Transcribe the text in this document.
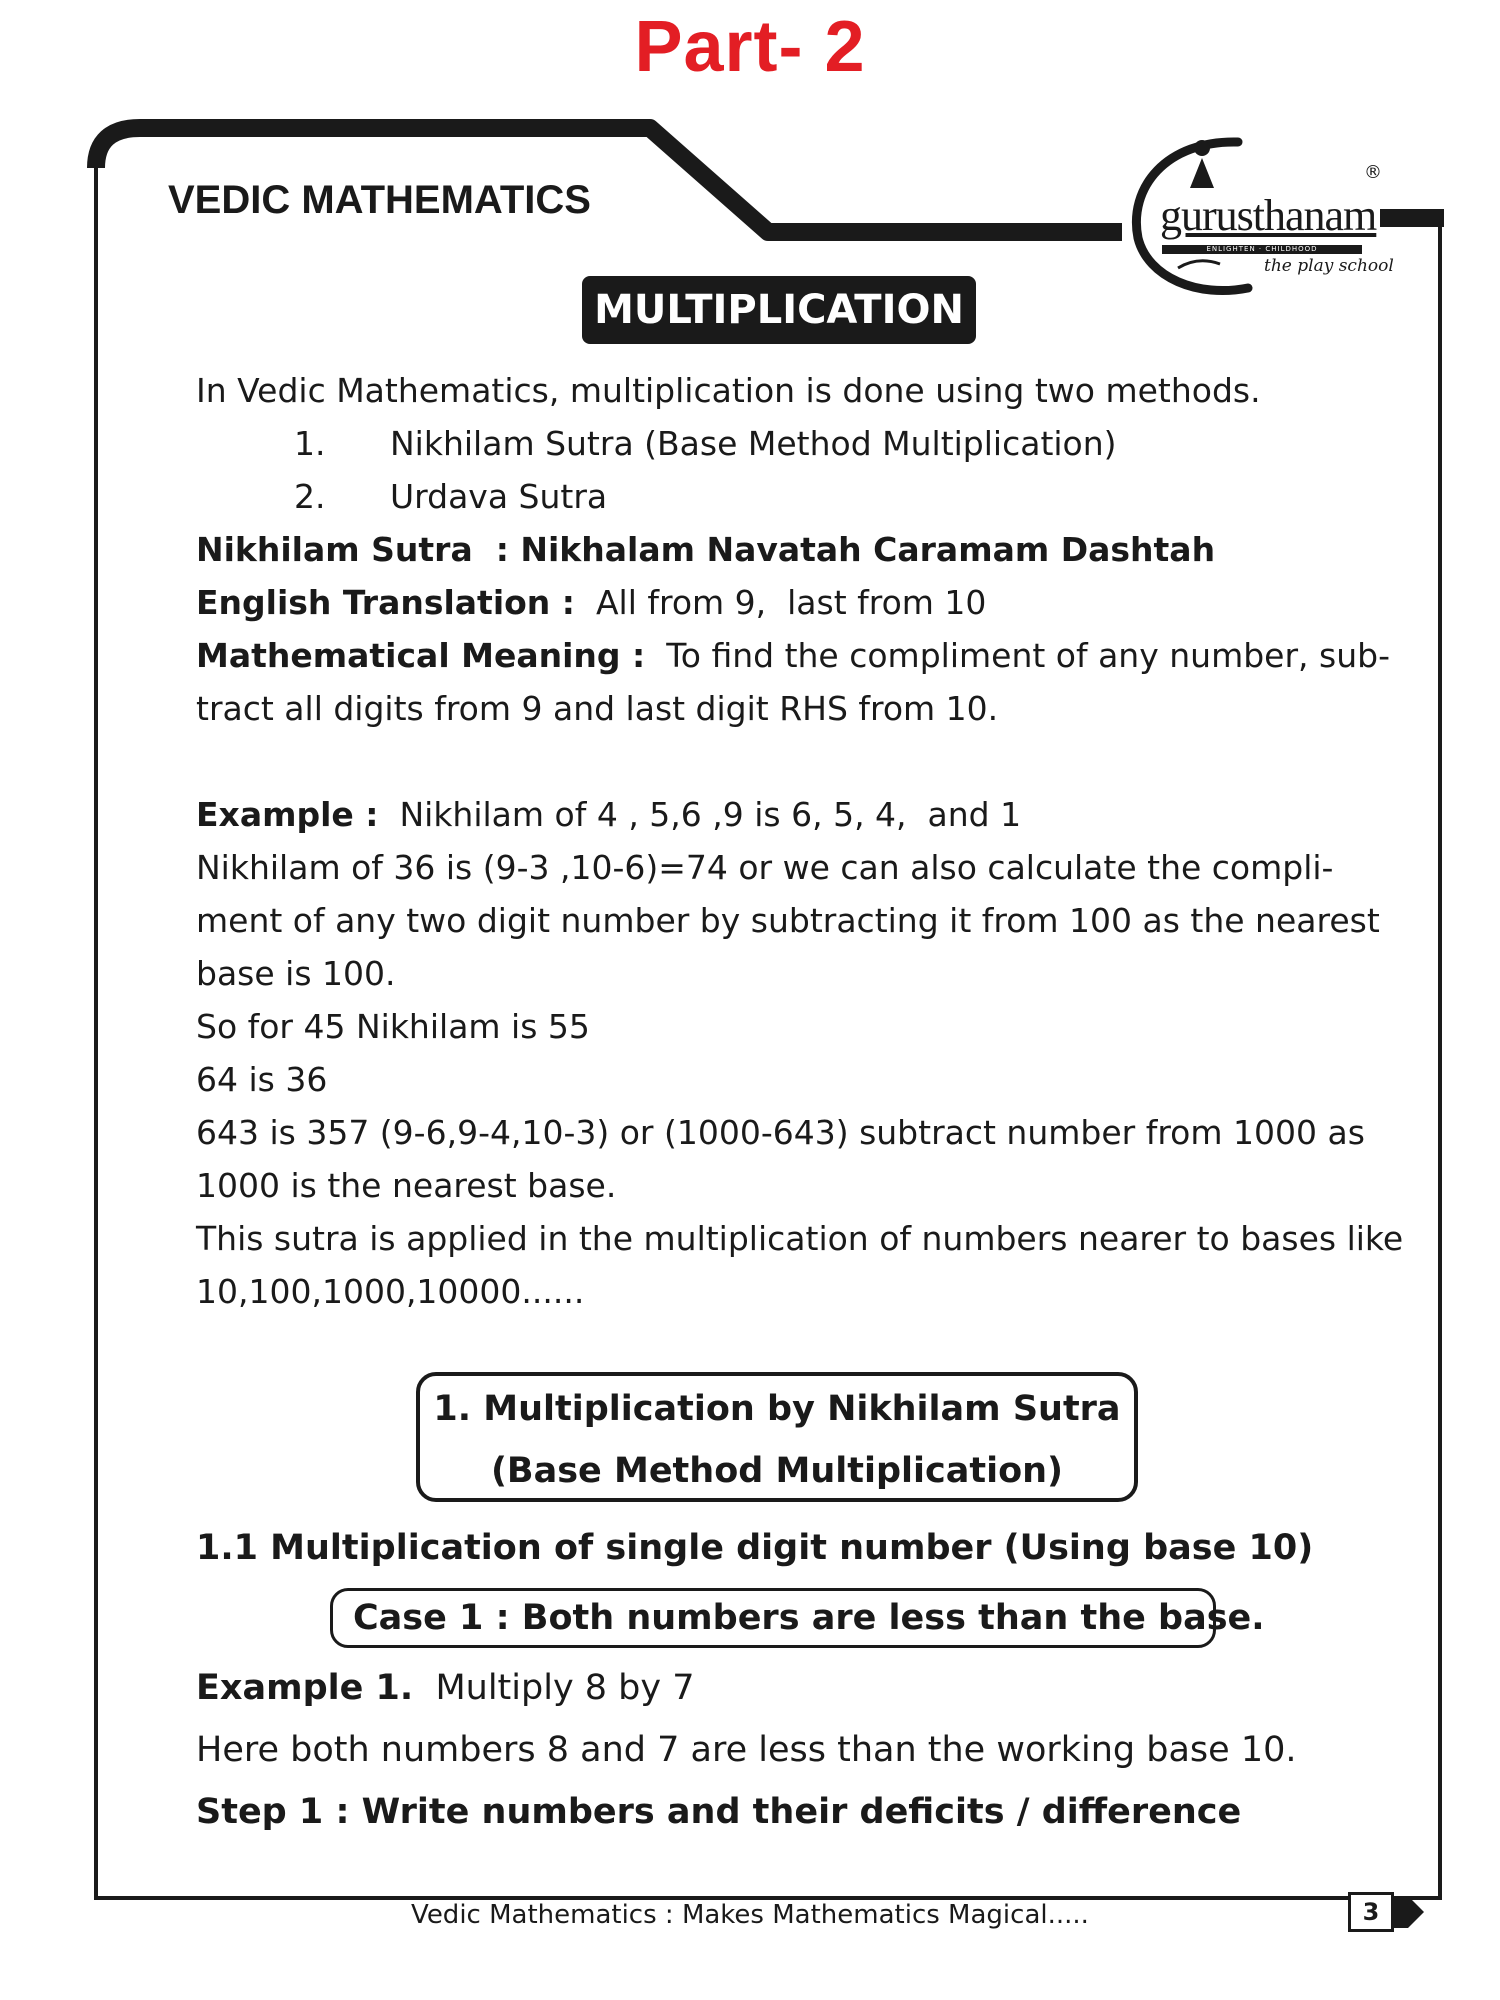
Part- 2
VEDIC MATHEMATICS	gurusthanam
ENLIGHTEN · CHILDHOOD
the play school
®
MULTIPLICATION
In Vedic Mathematics, multiplication is done using two methods.
1. Nikhilam Sutra (Base Method Multiplication)
2. Urdava Sutra
Nikhilam Sutra  : Nikhalam Navatah Caramam Dashtah
English Translation :  All from 9,  last from 10
Mathematical Meaning :  To find the compliment of any number, sub-
tract all digits from 9 and last digit RHS from 10.
Example :  Nikhilam of 4 , 5,6 ,9 is 6, 5, 4,  and 1
Nikhilam of 36 is (9-3 ,10-6)=74 or we can also calculate the compli-
ment of any two digit number by subtracting it from 100 as the nearest
base is 100.
So for 45 Nikhilam is 55
64 is 36
643 is 357 (9-6,9-4,10-3) or (1000-643) subtract number from 1000 as
1000 is the nearest base.
This sutra is applied in the multiplication of numbers nearer to bases like
10,100,1000,10000......
1. Multiplication by Nikhilam Sutra
(Base Method Multiplication)
1.1 Multiplication of single digit number (Using base 10)
Case 1 : Both numbers are less than the base.
Example 1.  Multiply 8 by 7
Here both numbers 8 and 7 are less than the working base 10.
Step 1 : Write numbers and their deficits / difference
Vedic Mathematics : Makes Mathematics Magical.....	3
